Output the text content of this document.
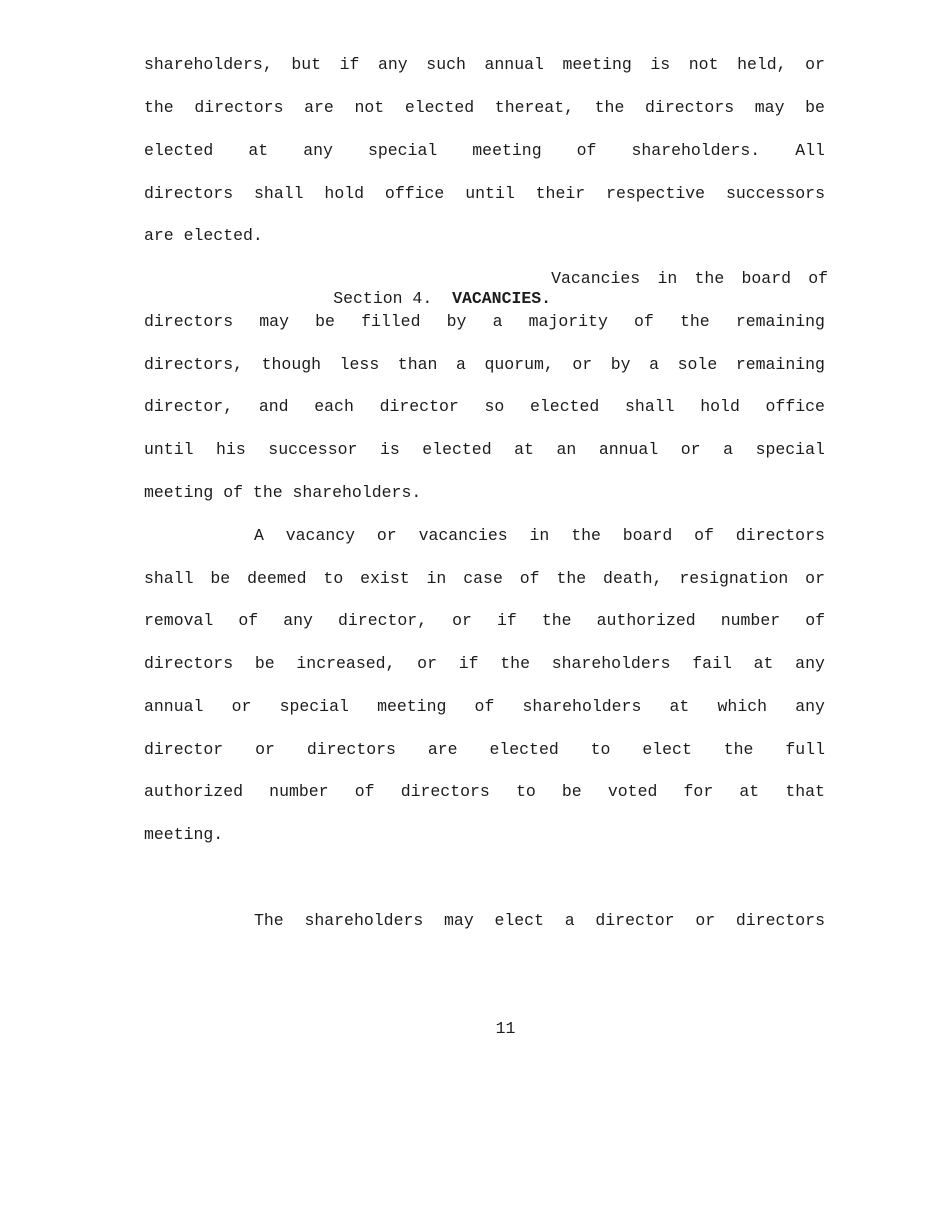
shareholders, but if any such annual meeting is not held, or
the directors are not elected thereat, the directors may be
elected at any special meeting of shareholders. All
directors shall hold office until their respective successors
are elected.

Section 4. VACANCIES.

Vacancies in the board of
directors may be filled by a majority of the remaining
directors, though less than a quorum, or by a sole remaining
director, and each director so elected shall hold office
until his successor is elected at an annual or a special
meeting of the shareholders.
A vacancy or vacancies in the board of directors
shall be deemed to exist in case of the death, resignation or
removal of any director, or if the authorized number of
directors be increased, or if the shareholders fail at any
annual or special meeting of shareholders at which any
director or directors are elected to elect the full
authorized number of directors to be voted for at that
meeting.
The shareholders may elect a director or directors
11
